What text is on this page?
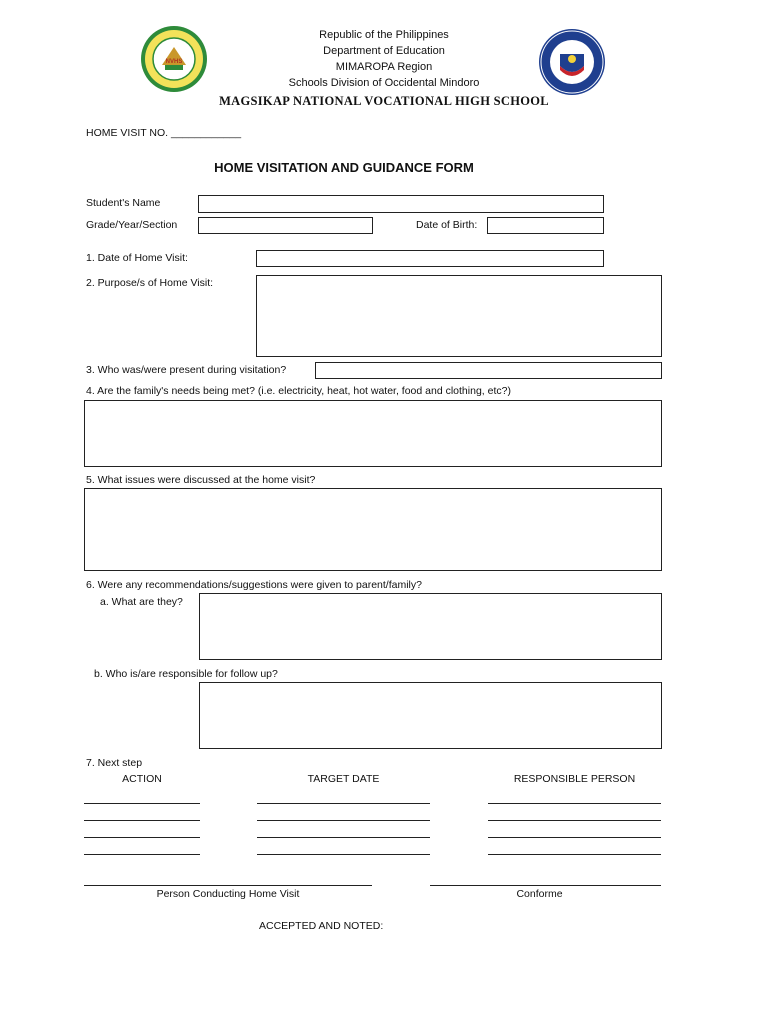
NVHS
Republic of the Philippines
Department of Education
MIMAROPA Region
Schools Division of Occidental Mindoro
MAGSIKAP NATIONAL VOCATIONAL HIGH SCHOOL
HOME VISIT NO. ____________
HOME VISITATION AND GUIDANCE FORM
Student's Name
Grade/Year/Section	Date of Birth:
1. Date of Home Visit:
2. Purpose/s of Home Visit:
3. Who was/were present during visitation?
4. Are the family's needs being met? (i.e. electricity, heat, hot water, food and clothing, etc?)
5. What issues were discussed at the home visit?
6. Were any recommendations/suggestions were given to parent/family?
a. What are they?
b. Who is/are responsible for follow up?
7. Next step
ACTION	TARGET DATE	RESPONSIBLE PERSON
Person Conducting Home Visit	Conforme
ACCEPTED AND NOTED:
